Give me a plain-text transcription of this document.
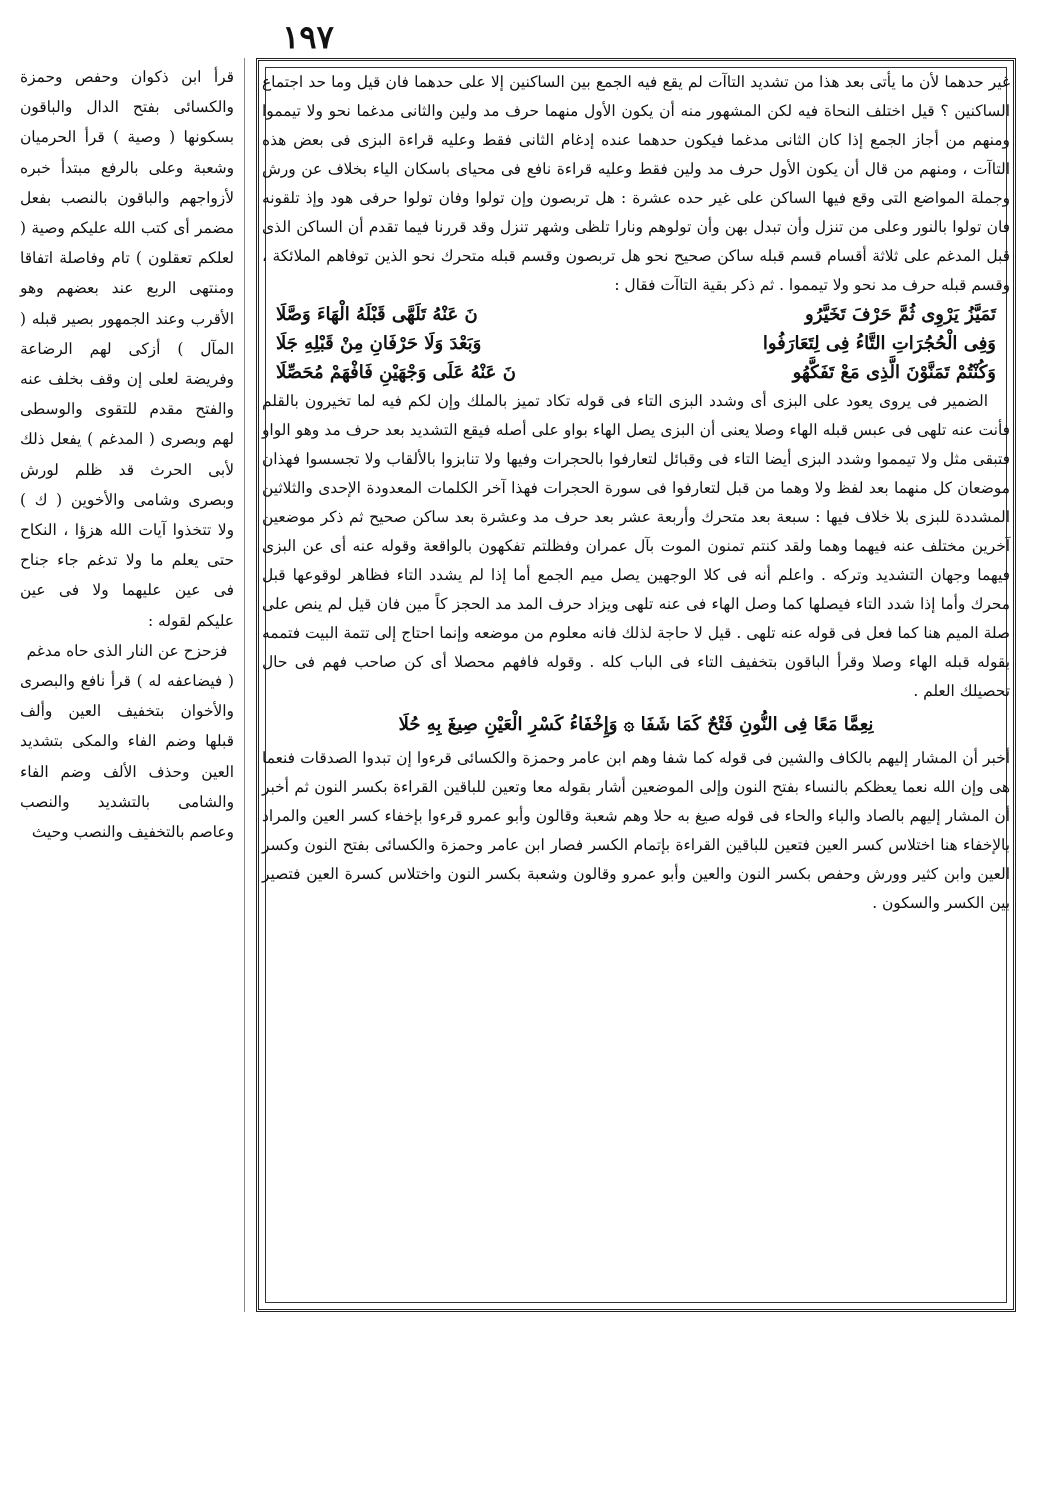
١٩٧

قرأ ابن ذكوان وحفص وحمزة والكسائى بفتح الدال والباقون بسكونها ( وصية ) قرأ الحرميان وشعبة وعلى بالرفع مبتدأ خبره لأزواجهم والباقون بالنصب بفعل مضمر أى كتب الله عليكم وصية ( لعلكم تعقلون ) تام وفاصلة اتفاقا ومنتهى الربع عند بعضهم وهو الأقرب وعند الجمهور بصير قبله ( المآل ) أزكى لهم الرضاعة وفريضة لعلى إن وقف بخلف عنه والفتح مقدم للتقوى والوسطى لهم وبصرى ( المدغم ) يفعل ذلك لأبى الحرث قد ظلم لورش وبصرى وشامى والأخوين ( ك ) ولا تتخذوا آيات الله هزؤا ، النكاح حتى يعلم ما ولا تدغم جاء جناح فى عين عليهما ولا فى عين عليكم لقوله :

فزحزح عن النار الذى حاه مدغم

( فيضاعفه له ) قرأ نافع والبصرى والأخوان بتخفيف العين وألف قبلها وضم الفاء والمكى بتشديد العين وحذف الألف وضم الفاء والشامى بالتشديد والنصب وعاصم بالتخفيف والنصب وحيث

غير حدهما لأن ما يأتى بعد هذا من تشديد التاآت لم يقع فيه الجمع بين الساكنين إلا على حدهما فان قيل وما حد اجتماع الساكنين ؟ قيل اختلف النحاة فيه لكن المشهور منه أن يكون الأول منهما حرف مد ولين والثانى مدغما نحو ولا تيمموا ومنهم من أجاز الجمع إذا كان الثانى مدغما فيكون حدهما عنده إدغام الثانى فقط وعليه قراءة البزى فى بعض هذه التاآت ، ومنهم من قال أن يكون الأول حرف مد ولين فقط وعليه قراءة نافع فى محياى باسكان الياء بخلاف عن ورش وجملة المواضع التى وقع فيها الساكن على غير حده عشرة : هل تربصون وإن تولوا وفان تولوا حرفى هود وإذ تلقونه فان تولوا بالنور وعلى من تنزل وأن تبدل بهن وأن تولوهم ونارا تلظى وشهر تنزل وقد قررنا فيما تقدم أن الساكن الذى قبل المدغم على ثلاثة أقسام قسم قبله ساكن صحيح نحو هل تربصون وقسم قبله متحرك نحو الذين توفاهم الملائكة ، وقسم قبله حرف مد نحو ولا تيمموا . ثم ذكر بقية التاآت فقال :

تَمَيَّزُ يَرْوِى ثُمَّ حَرْفَ تَخَيَّرُو
نَ عَنْهُ تَلَهَّى قَبْلَهُ الْهَاءَ وَصَّلَا
وَفِى الْحُجُرَاتِ التَّاءُ فِى لِتَعَارَفُوا
وَبَعْدَ وَلَا حَرْفَانِ مِنْ قَبْلِهِ جَلَا
وَكُنْتُمْ تَمَنَّوْنَ الَّذِى مَعْ تَفَكَّهُو
نَ عَنْهُ عَلَى وَجْهَيْنِ فَافْهَمْ مُحَصِّلَا

الضمير فى يروى يعود على البزى أى وشدد البزى التاء فى قوله تكاد تميز بالملك وإن لكم فيه لما تخيرون بالقلم فأنت عنه تلهى فى عبس قبله الهاء وصلا يعنى أن البزى يصل الهاء بواو على أصله فيقع التشديد بعد حرف مد وهو الواو فتبقى مثل ولا تيمموا وشدد البزى أيضا التاء فى وقبائل لتعارفوا بالحجرات وفيها ولا تنابزوا بالألقاب ولا تجسسوا فهذان موضعان كل منهما بعد لفظ ولا وهما من قبل لتعارفوا فى سورة الحجرات فهذا آخر الكلمات المعدودة الإحدى والثلاثين المشددة للبزى بلا خلاف فيها : سبعة بعد متحرك وأربعة عشر بعد حرف مد وعشرة بعد ساكن صحيح ثم ذكر موضعين آخرين مختلف عنه فيهما وهما ولقد كنتم تمنون الموت بآل عمران وفظلتم تفكهون بالواقعة وقوله عنه أى عن البزى فيهما وجهان التشديد وتركه . واعلم أنه فى كلا الوجهين يصل ميم الجمع أما إذا لم يشدد التاء فظاهر لوقوعها قبل محرك وأما إذا شدد التاء فيصلها كما وصل الهاء فى عنه تلهى ويزاد حرف المد مد الحجز كاً مين فان قيل لم ينص على صلة الميم هنا كما فعل فى قوله عنه تلهى . قيل لا حاجة لذلك فانه معلوم من موضعه وإنما احتاج إلى تتمة البيت فتممه بقوله قبله الهاء وصلا وقرأ الباقون بتخفيف التاء فى الباب كله . وقوله فافهم محصلا أى كن صاحب فهم فى حال تحصيلك العلم .

نِعِمَّا مَعًا فِى النُّونِ فَتْحٌ كَمَا شَفَا ۞ وَإِخْفَاءُ كَسْرِ الْعَيْنِ صِيغَ بِهِ حُلَا

أخبر أن المشار إليهم بالكاف والشين فى قوله كما شفا وهم ابن عامر وحمزة والكسائى قرءوا إن تبدوا الصدقات فنعما هى وإن الله نعما يعظكم بالنساء بفتح النون وإلى الموضعين أشار بقوله معا وتعين للباقين القراءة بكسر النون ثم أخبر أن المشار إليهم بالصاد والباء والحاء فى قوله صيغ به حلا وهم شعبة وقالون وأبو عمرو قرءوا بإخفاء كسر العين والمراد بالإخفاء هنا اختلاس كسر العين فتعين للباقين القراءة بإتمام الكسر فصار ابن عامر وحمزة والكسائى بفتح النون وكسر العين وابن كثير وورش وحفص بكسر النون والعين وأبو عمرو وقالون وشعبة بكسر النون واختلاس كسرة العين فتصير بين الكسر والسكون .
